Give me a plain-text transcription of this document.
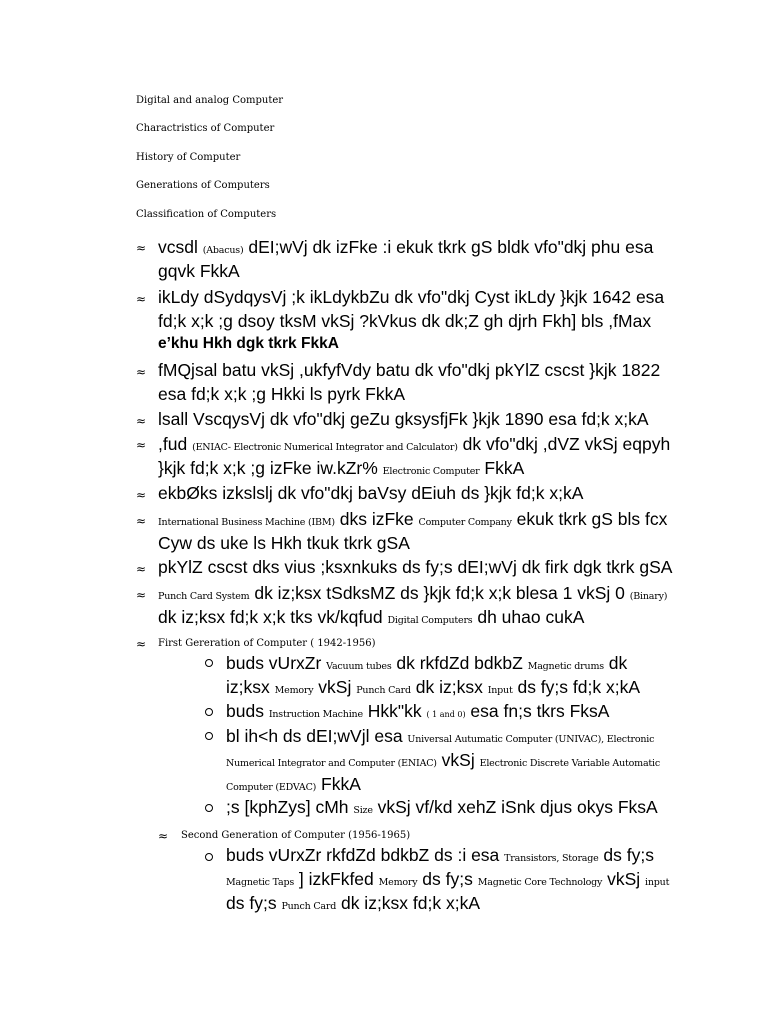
Digital and analog Computer
Charactristics of Computer
History of Computer
Generations of Computers
Classification of Computers
≈ vcsdl (Abacus) dEI;wVj dk izFke :i ekuk tkrk gS bldk vfo"dkj phu esa
gqvk FkkA
≈ ikLdy dSydqysVj ;k ikLdykbZu dk vfo"dkj Cyst ikLdy }kjk 1642 esa
fd;k x;k ;g dsoy tksM vkSj ?kVkus dk dk;Z gh djrh Fkh] bls ,fMax
e’khu Hkh dgk tkrk FkkA
≈ fMQjsal batu vkSj ,ukfyfVdy batu dk vfo"dkj pkYlZ cscst }kjk 1822
esa fd;k x;k ;g Hkki ls pyrk FkkA
≈ lsall VscqysVj dk vfo"dkj geZu gksysfjFk }kjk 1890 esa fd;k x;kA
≈ ,fud (ENIAC- Electronic Numerical Integrator and Calculator) dk vfo"dkj ,dVZ vkSj eqpyh
}kjk fd;k x;k ;g izFke iw.kZr% Electronic Computer FkkA
≈ ekbØks izkslslj dk vfo"dkj baVsy dEiuh ds }kjk fd;k x;kA
≈ International Business Machine (IBM) dks izFke Computer Company ekuk tkrk gS bls fcx
Cyw ds uke ls Hkh tkuk tkrk gSA
≈ pkYlZ cscst dks vius ;ksxnkuks ds fy;s dEI;wVj dk firk dgk tkrk gSA
≈ Punch Card System dk iz;ksx tSdksMZ ds }kjk fd;k x;k blesa 1 vkSj 0 (Binary)
dk iz;ksx fd;k x;k tks vk/kqfud Digital Computers dh uhao cukA
≈ First Gereration of Computer ( 1942-1956)
buds vUrxZr Vacuum tubes dk rkfdZd bdkbZ Magnetic drums dk
iz;ksx Memory vkSj Punch Card dk iz;ksx Input ds fy;s fd;k x;kA
buds Instruction Machine Hkk"kk ( 1 and 0) esa fn;s tkrs FksA
bl ih<h ds dEI;wVjl esa Universal Autumatic Computer (UNIVAC), Electronic
Numerical Integrator and Computer (ENIAC) vkSj Electronic Discrete Variable Automatic
Computer (EDVAC) FkkA
;s [kphZys] cMh Size vkSj vf/kd xehZ iSnk djus okys FksA
≈ Second Generation of Computer (1956-1965)
buds vUrxZr rkfdZd bdkbZ ds :i esa Transistors, Storage ds fy;s
Magnetic Taps ] izkFkfed Memory ds fy;s Magnetic Core Technology vkSj input
ds fy;s Punch Card dk iz;ksx fd;k x;kA
